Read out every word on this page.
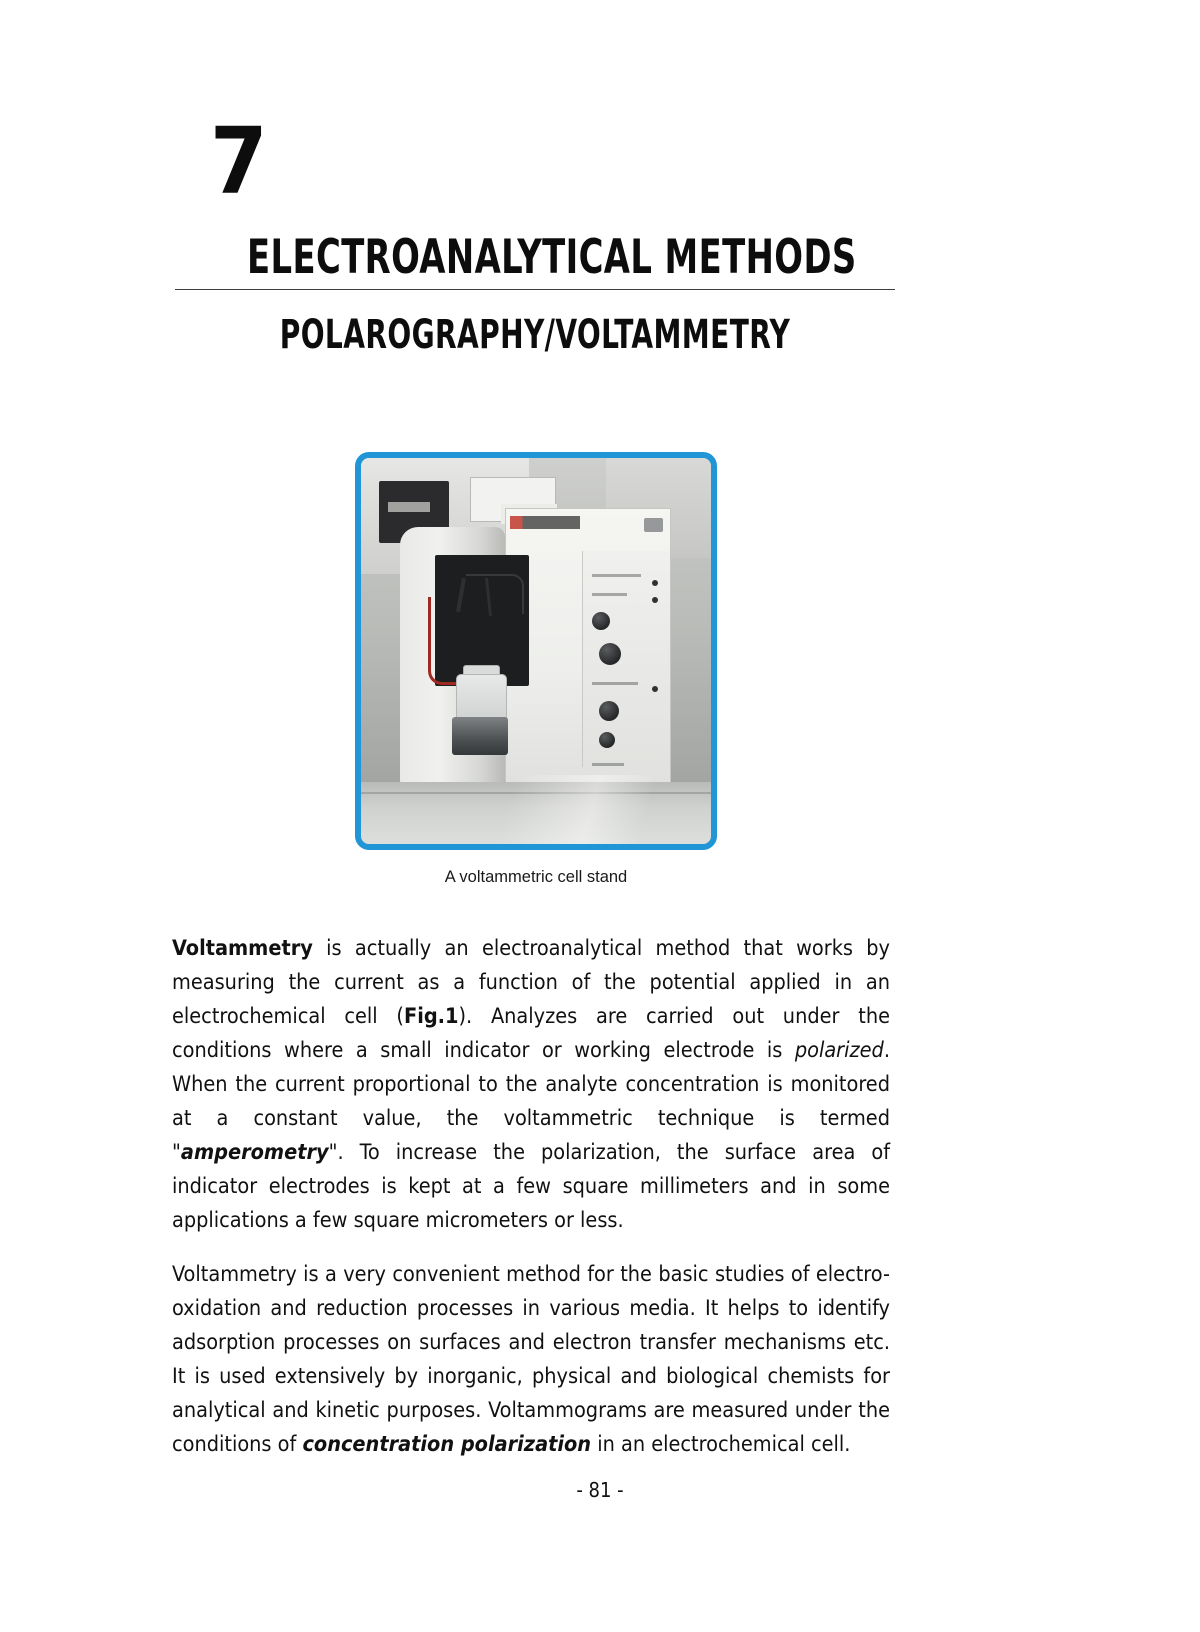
7
ELECTROANALYTICAL METHODS
POLAROGRAPHY/VOLTAMMETRY
A voltammetric cell stand

Voltammetry is actually an electroanalytical method that works by measuring the current as a function of the potential applied in an electrochemical cell (Fig.1). Analyzes are carried out under the conditions where a small indicator or working electrode is polarized. When the current proportional to the analyte concentration is monitored at a constant value, the voltammetric technique is termed "amperometry". To increase the polarization, the surface area of indicator electrodes is kept at a few square millimeters and in some applications a few square micrometers or less.

Voltammetry is a very convenient method for the basic studies of electro-oxidation and reduction processes in various media. It helps to identify adsorption processes on surfaces and electron transfer mechanisms etc. It is used extensively by inorganic, physical and biological chemists for analytical and kinetic purposes. Voltammograms are measured under the conditions of concentration polarization in an electrochemical cell.

- 81 -
